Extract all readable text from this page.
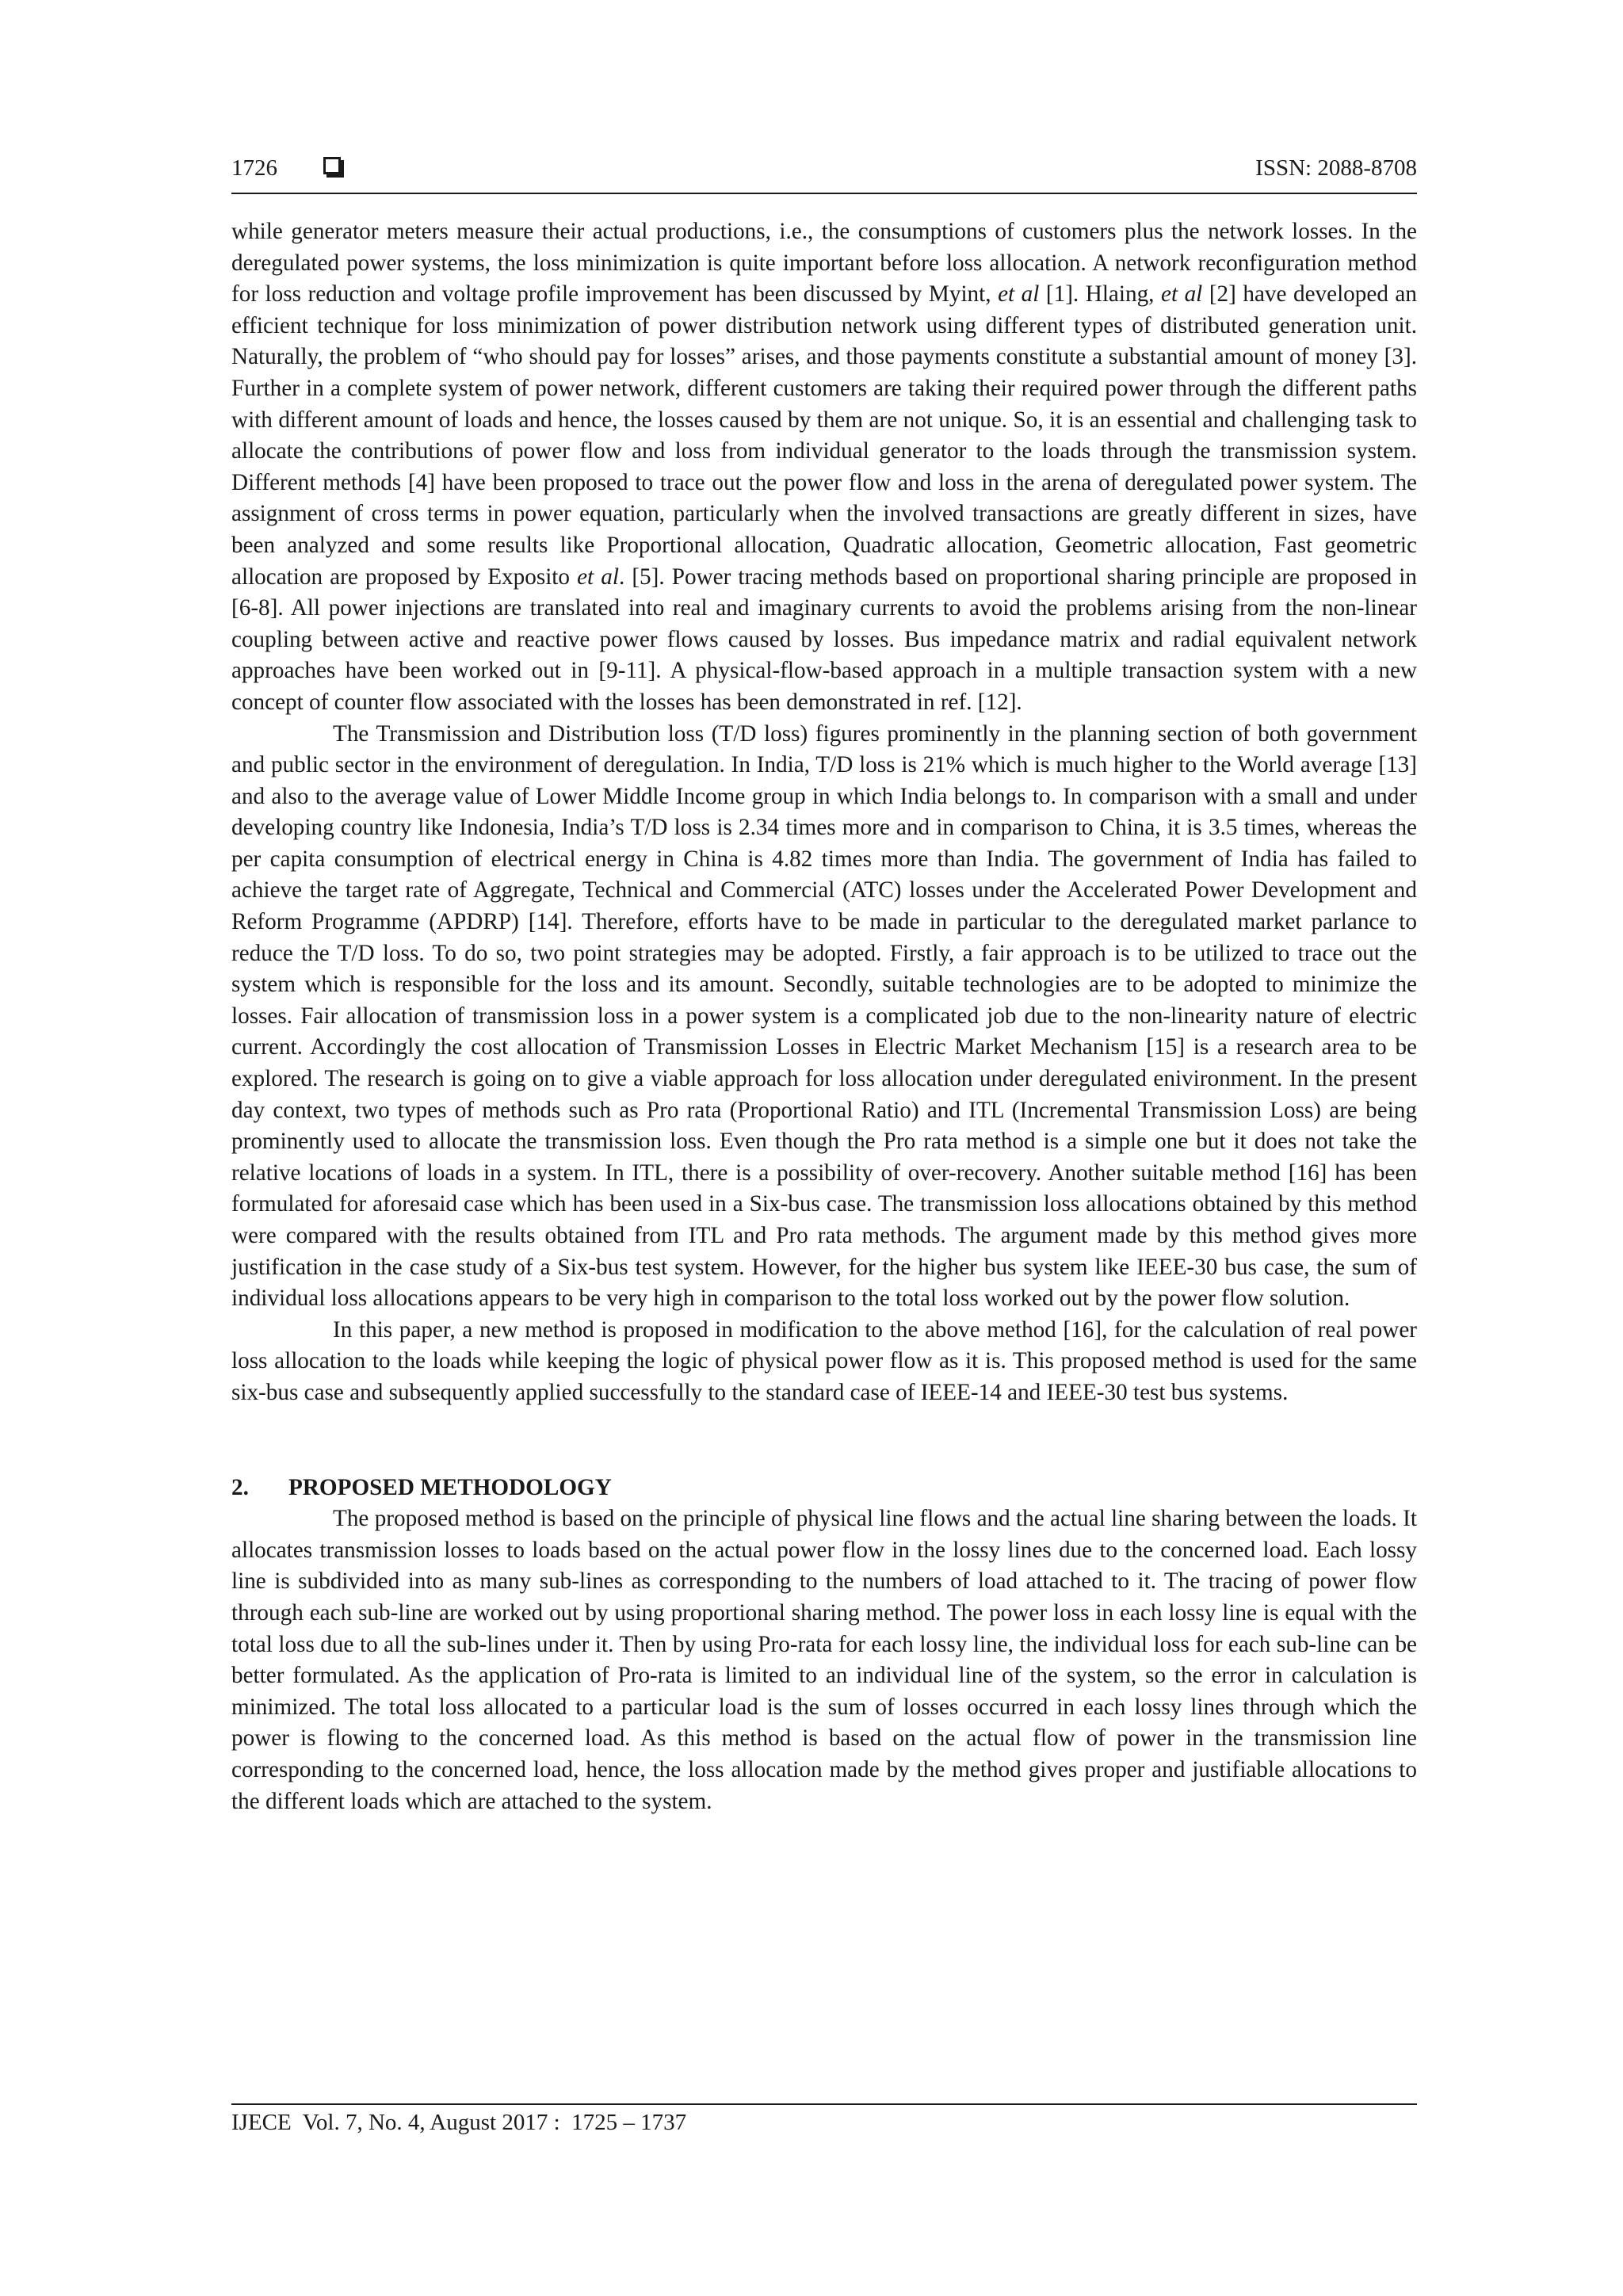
1726	ISSN: 2088-8708

while generator meters measure their actual productions, i.e., the consumptions of customers plus the network losses. In the deregulated power systems, the loss minimization is quite important before loss allocation. A network reconfiguration method for loss reduction and voltage profile improvement has been discussed by Myint, et al [1]. Hlaing, et al [2] have developed an efficient technique for loss minimization of power distribution network using different types of distributed generation unit. Naturally, the problem of “who should pay for losses” arises, and those payments constitute a substantial amount of money [3]. Further in a complete system of power network, different customers are taking their required power through the different paths with different amount of loads and hence, the losses caused by them are not unique. So, it is an essential and challenging task to allocate the contributions of power flow and loss from individual generator to the loads through the transmission system. Different methods [4] have been proposed to trace out the power flow and loss in the arena of deregulated power system. The assignment of cross terms in power equation, particularly when the involved transactions are greatly different in sizes, have been analyzed and some results like Proportional allocation, Quadratic allocation, Geometric allocation, Fast geometric allocation are proposed by Exposito et al. [5]. Power tracing methods based on proportional sharing principle are proposed in [6-8]. All power injections are translated into real and imaginary currents to avoid the problems arising from the non-linear coupling between active and reactive power flows caused by losses. Bus impedance matrix and radial equivalent network approaches have been worked out in [9-11]. A physical-flow-based approach in a multiple transaction system with a new concept of counter flow associated with the losses has been demonstrated in ref. [12].

The Transmission and Distribution loss (T/D loss) figures prominently in the planning section of both government and public sector in the environment of deregulation. In India, T/D loss is 21% which is much higher to the World average [13] and also to the average value of Lower Middle Income group in which India belongs to. In comparison with a small and under developing country like Indonesia, India’s T/D loss is 2.34 times more and in comparison to China, it is 3.5 times, whereas the per capita consumption of electrical energy in China is 4.82 times more than India. The government of India has failed to achieve the target rate of Aggregate, Technical and Commercial (ATC) losses under the Accelerated Power Development and Reform Programme (APDRP) [14]. Therefore, efforts have to be made in particular to the deregulated market parlance to reduce the T/D loss. To do so, two point strategies may be adopted. Firstly, a fair approach is to be utilized to trace out the system which is responsible for the loss and its amount. Secondly, suitable technologies are to be adopted to minimize the losses. Fair allocation of transmission loss in a power system is a complicated job due to the non-linearity nature of electric current. Accordingly the cost allocation of Transmission Losses in Electric Market Mechanism [15] is a research area to be explored. The research is going on to give a viable approach for loss allocation under deregulated enivironment. In the present day context, two types of methods such as Pro rata (Proportional Ratio) and ITL (Incremental Transmission Loss) are being prominently used to allocate the transmission loss. Even though the Pro rata method is a simple one but it does not take the relative locations of loads in a system. In ITL, there is a possibility of over-recovery. Another suitable method [16] has been formulated for aforesaid case which has been used in a Six-bus case. The transmission loss allocations obtained by this method were compared with the results obtained from ITL and Pro rata methods. The argument made by this method gives more justification in the case study of a Six-bus test system. However, for the higher bus system like IEEE-30 bus case, the sum of individual loss allocations appears to be very high in comparison to the total loss worked out by the power flow solution.

In this paper, a new method is proposed in modification to the above method [16], for the calculation of real power loss allocation to the loads while keeping the logic of physical power flow as it is. This proposed method is used for the same six-bus case and subsequently applied successfully to the standard case of IEEE-14 and IEEE-30 test bus systems.

2. PROPOSED METHODOLOGY

The proposed method is based on the principle of physical line flows and the actual line sharing between the loads. It allocates transmission losses to loads based on the actual power flow in the lossy lines due to the concerned load. Each lossy line is subdivided into as many sub-lines as corresponding to the numbers of load attached to it. The tracing of power flow through each sub-line are worked out by using proportional sharing method. The power loss in each lossy line is equal with the total loss due to all the sub-lines under it. Then by using Pro-rata for each lossy line, the individual loss for each sub-line can be better formulated. As the application of Pro-rata is limited to an individual line of the system, so the error in calculation is minimized. The total loss allocated to a particular load is the sum of losses occurred in each lossy lines through which the power is flowing to the concerned load. As this method is based on the actual flow of power in the transmission line corresponding to the concerned load, hence, the loss allocation made by the method gives proper and justifiable allocations to the different loads which are attached to the system.

IJECE  Vol. 7, No. 4, August 2017 :  1725 – 1737
